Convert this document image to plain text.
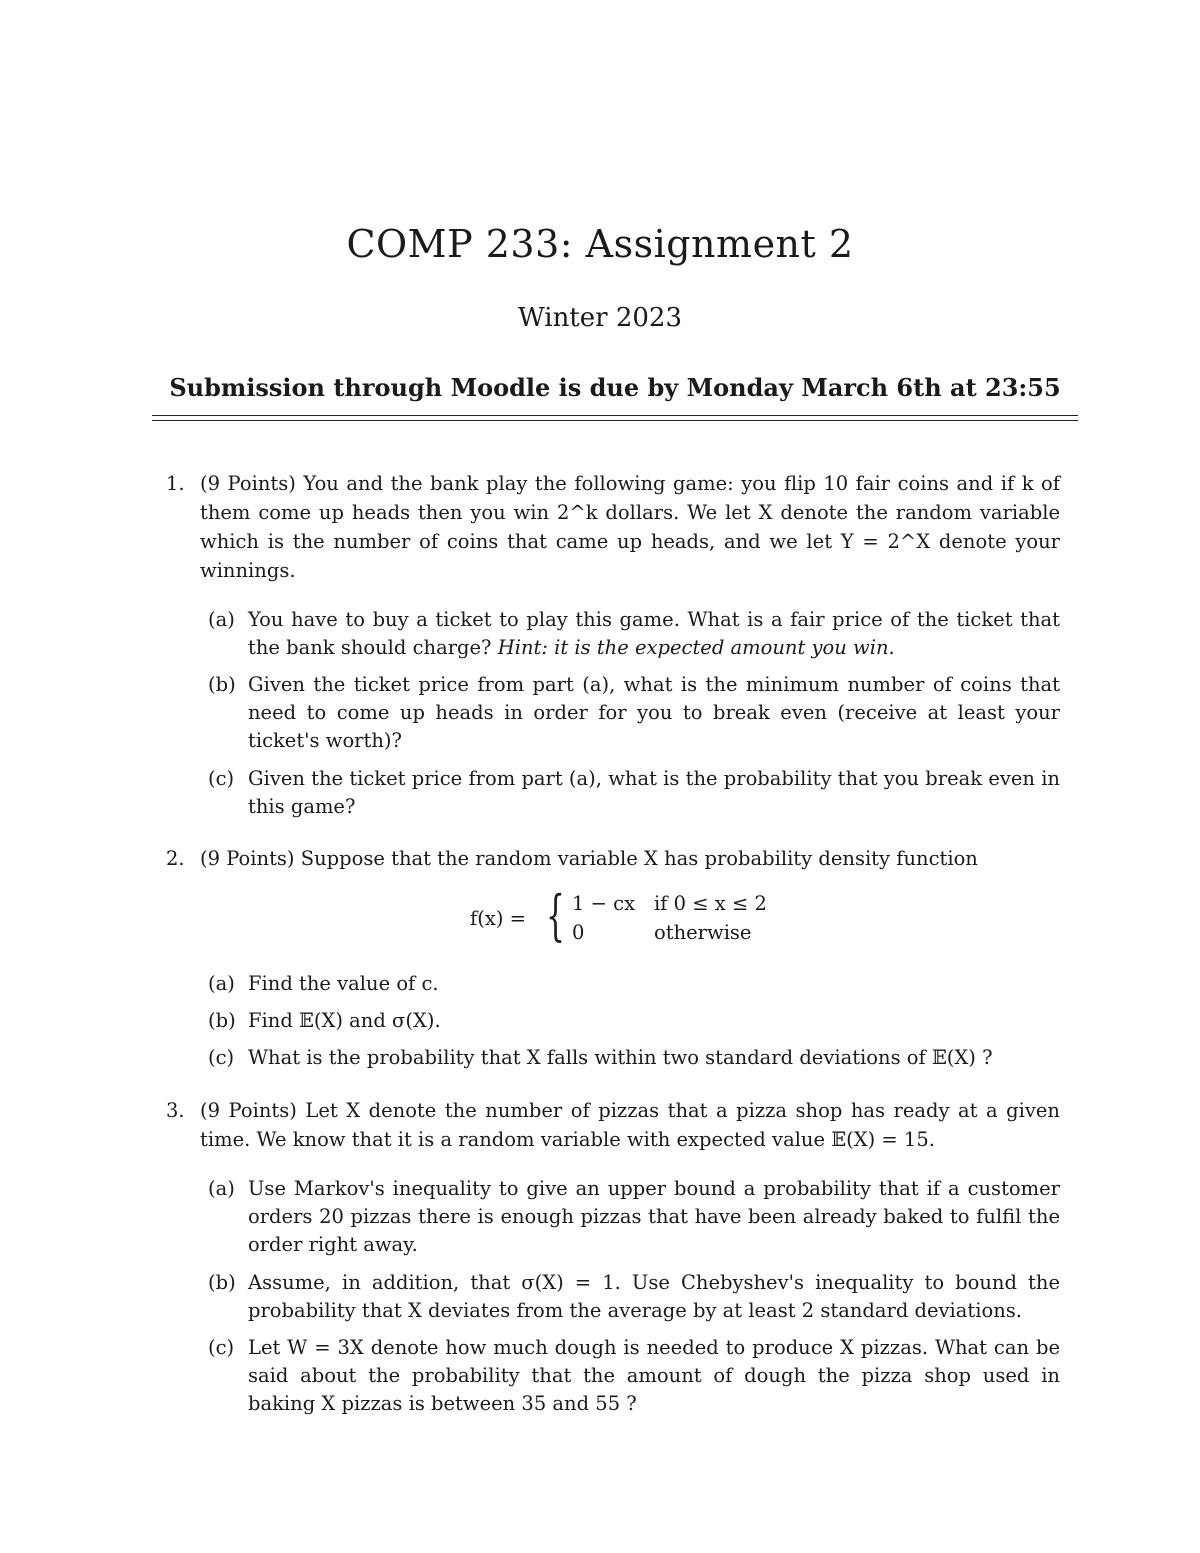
COMP 233: Assignment 2
Winter 2023
Submission through Moodle is due by Monday March 6th at 23:55
1. (9 Points) You and the bank play the following game: you flip 10 fair coins and if k of them come up heads then you win 2^k dollars. We let X denote the random variable which is the number of coins that came up heads, and we let Y = 2^X denote your winnings.
(a) You have to buy a ticket to play this game. What is a fair price of the ticket that the bank should charge? Hint: it is the expected amount you win.
(b) Given the ticket price from part (a), what is the minimum number of coins that need to come up heads in order for you to break even (receive at least your ticket's worth)?
(c) Given the ticket price from part (a), what is the probability that you break even in this game?
2. (9 Points) Suppose that the random variable X has probability density function
f(x) = { 1 − cx if 0 ≤ x ≤ 2
0	otherwise
(a) Find the value of c.
(b) Find 𝔼(X) and σ(X).
(c) What is the probability that X falls within two standard deviations of 𝔼(X) ?
3. (9 Points) Let X denote the number of pizzas that a pizza shop has ready at a given time. We know that it is a random variable with expected value 𝔼(X) = 15.
(a) Use Markov's inequality to give an upper bound a probability that if a customer orders 20 pizzas there is enough pizzas that have been already baked to fulfil the order right away.
(b) Assume, in addition, that σ(X) = 1. Use Chebyshev's inequality to bound the probability that X deviates from the average by at least 2 standard deviations.
(c) Let W = 3X denote how much dough is needed to produce X pizzas. What can be said about the probability that the amount of dough the pizza shop used in baking X pizzas is between 35 and 55 ?
